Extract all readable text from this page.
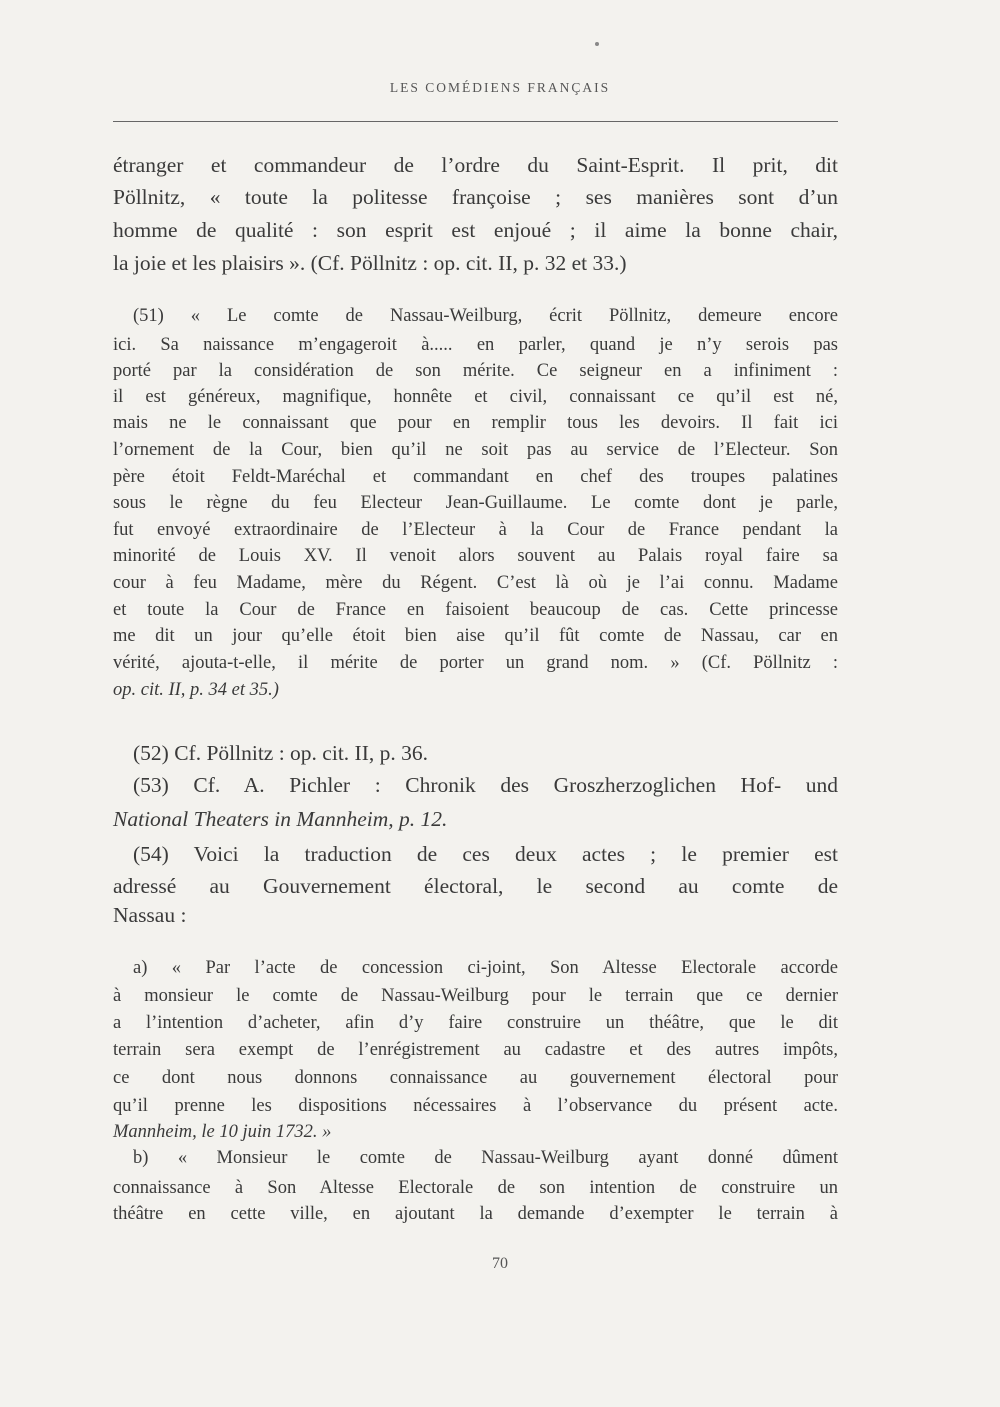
LES COMÉDIENS FRANÇAIS
étranger et commandeur de l’ordre du Saint-Esprit. Il prit, dit
Pöllnitz, « toute la politesse françoise ; ses manières sont d’un
homme de qualité : son esprit est enjoué ; il aime la bonne chair,
la joie et les plaisirs ». (Cf. Pöllnitz : op. cit. II, p. 32 et 33.)
(51) « Le comte de Nassau-Weilburg, écrit Pöllnitz, demeure encore
ici. Sa naissance m’engageroit à..... en parler, quand je n’y serois pas
porté par la considération de son mérite. Ce seigneur en a infiniment :
il est généreux, magnifique, honnête et civil, connaissant ce qu’il est né,
mais ne le connaissant que pour en remplir tous les devoirs. Il fait ici
l’ornement de la Cour, bien qu’il ne soit pas au service de l’Electeur. Son
père étoit Feldt-Maréchal et commandant en chef des troupes palatines
sous le règne du feu Electeur Jean-Guillaume. Le comte dont je parle,
fut envoyé extraordinaire de l’Electeur à la Cour de France pendant la
minorité de Louis XV. Il venoit alors souvent au Palais royal faire sa
cour à feu Madame, mère du Régent. C’est là où je l’ai connu. Madame
et toute la Cour de France en faisoient beaucoup de cas. Cette princesse
me dit un jour qu’elle étoit bien aise qu’il fût comte de Nassau, car en
vérité, ajouta-t-elle, il mérite de porter un grand nom. » (Cf. Pöllnitz :
op. cit. II, p. 34 et 35.)
(52) Cf. Pöllnitz : op. cit. II, p. 36.
(53) Cf. A. Pichler : Chronik des Groszherzoglichen Hof- und
National Theaters in Mannheim, p. 12.
(54) Voici la traduction de ces deux actes ; le premier est
adressé au Gouvernement électoral, le second au comte de
Nassau :
a) « Par l’acte de concession ci-joint, Son Altesse Electorale accorde
à monsieur le comte de Nassau-Weilburg pour le terrain que ce dernier
a l’intention d’acheter, afin d’y faire construire un théâtre, que le dit
terrain sera exempt de l’enrégistrement au cadastre et des autres impôts,
ce dont nous donnons connaissance au gouvernement électoral pour
qu’il prenne les dispositions nécessaires à l’observance du présent acte.
Mannheim, le 10 juin 1732. »
b) « Monsieur le comte de Nassau-Weilburg ayant donné dûment
connaissance à Son Altesse Electorale de son intention de construire un
théâtre en cette ville, en ajoutant la demande d’exempter le terrain à
70
